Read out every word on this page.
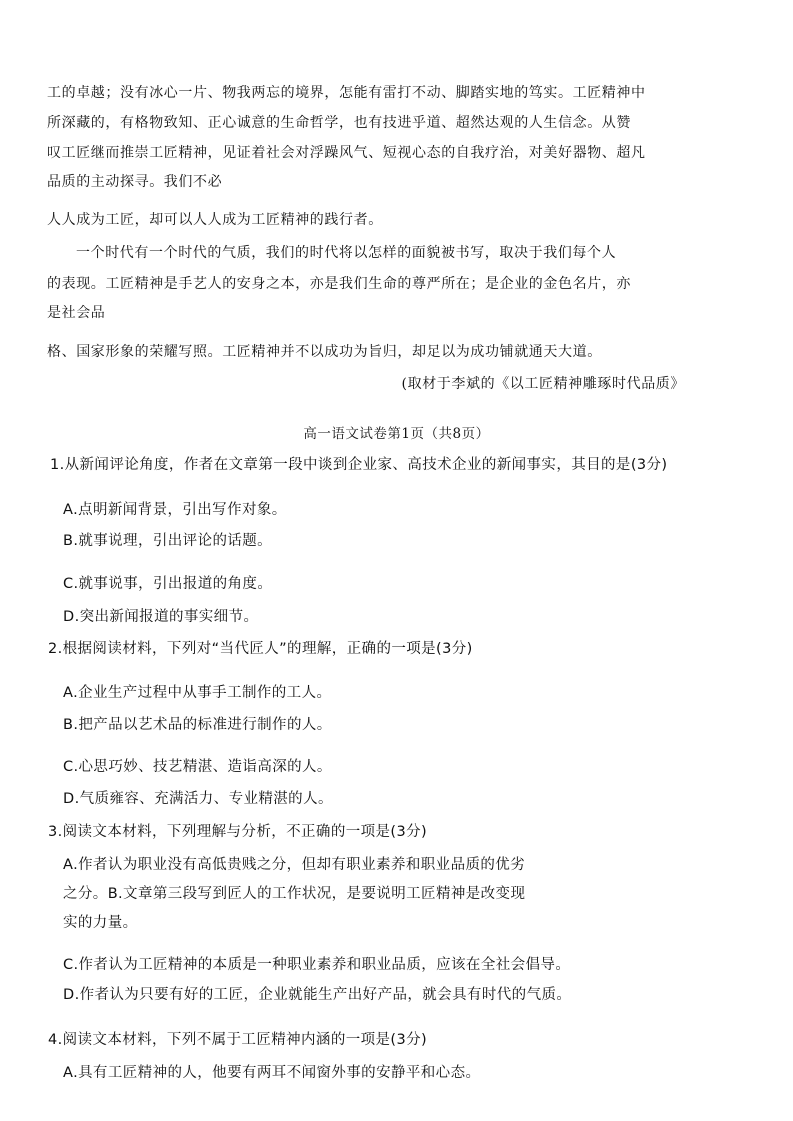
工的卓越；没有冰心一片、物我两忘的境界，怎能有雷打不动、脚踏实地的笃实。工匠精神中
所深藏的，有格物致知、正心诚意的生命哲学，也有技进乎道、超然达观的人生信念。从赞
叹工匠继而推崇工匠精神，见证着社会对浮躁风气、短视心态的自我疗治，对美好器物、超凡
品质的主动探寻。我们不必
人人成为工匠，却可以人人成为工匠精神的践行者。
一个时代有一个时代的气质，我们的时代将以怎样的面貌被书写，取决于我们每个人
的表现。工匠精神是手艺人的安身之本，亦是我们生命的尊严所在；是企业的金色名片，亦
是社会品
格、国家形象的荣耀写照。工匠精神并不以成功为旨归，却足以为成功铺就通天大道。
(取材于李斌的《以工匠精神雕琢时代品质》
高一语文试卷第1页（共8页）
1.从新闻评论角度，作者在文章第一段中谈到企业家、高技术企业的新闻事实，其目的是(3分)
A.点明新闻背景，引出写作对象。
B.就事说理，引出评论的话题。
C.就事说事，引出报道的角度。
D.突出新闻报道的事实细节。
2.根据阅读材料，下列对“当代匠人”的理解，正确的一项是(3分)
A.企业生产过程中从事手工制作的工人。
B.把产品以艺术品的标准进行制作的人。
C.心思巧妙、技艺精湛、造诣高深的人。
D.气质雍容、充满活力、专业精湛的人。
3.阅读文本材料，下列理解与分析，不正确的一项是(3分)
A.作者认为职业没有高低贵贱之分，但却有职业素养和职业品质的优劣
之分。B.文章第三段写到匠人的工作状况，是要说明工匠精神是改变现
实的力量。
C.作者认为工匠精神的本质是一种职业素养和职业品质，应该在全社会倡导。
D.作者认为只要有好的工匠，企业就能生产出好产品，就会具有时代的气质。
4.阅读文本材料，下列不属于工匠精神内涵的一项是(3分)
A.具有工匠精神的人，他要有两耳不闻窗外事的安静平和心态。
